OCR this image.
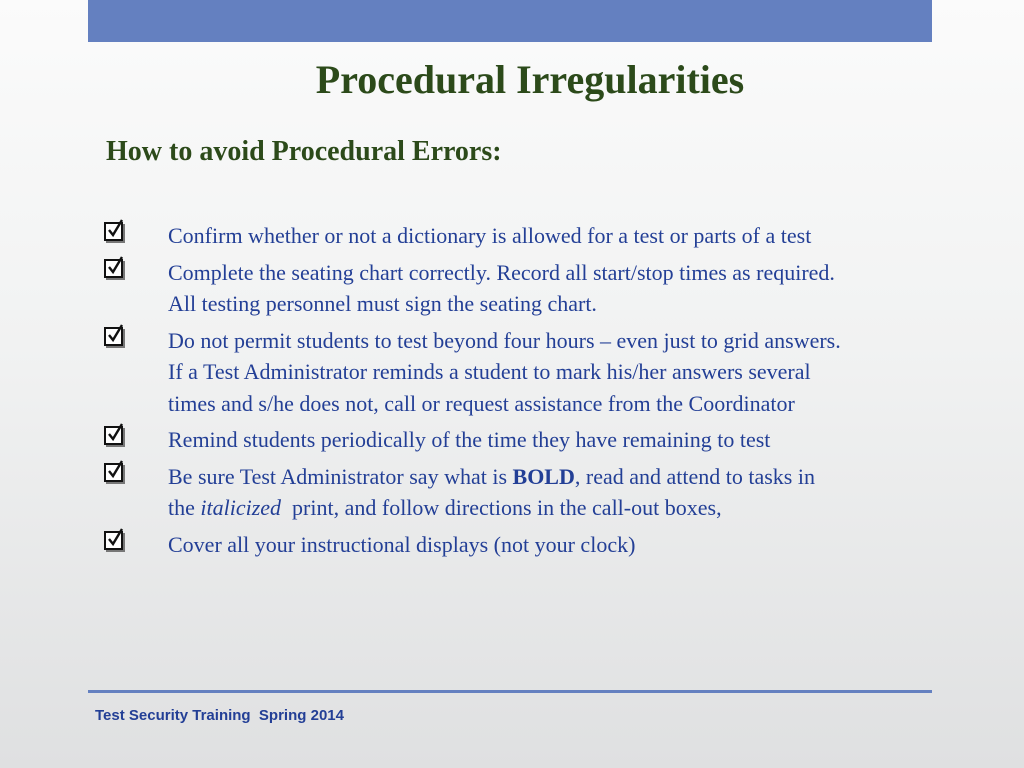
Procedural Irregularities
How to avoid Procedural Errors:
Confirm whether or not a dictionary is allowed for a test or parts of a test
Complete the seating chart correctly. Record all start/stop times as required.
All testing personnel must sign the seating chart.
Do not permit students to test beyond four hours – even just to grid answers.
If a Test Administrator reminds a student to mark his/her answers several
times and s/he does not, call or request assistance from the Coordinator
Remind students periodically of the time they have remaining to test
Be sure Test Administrator say what is BOLD, read and attend to tasks in
the italicized  print, and follow directions in the call-out boxes,
Cover all your instructional displays (not your clock)
Test Security Training  Spring 2014
